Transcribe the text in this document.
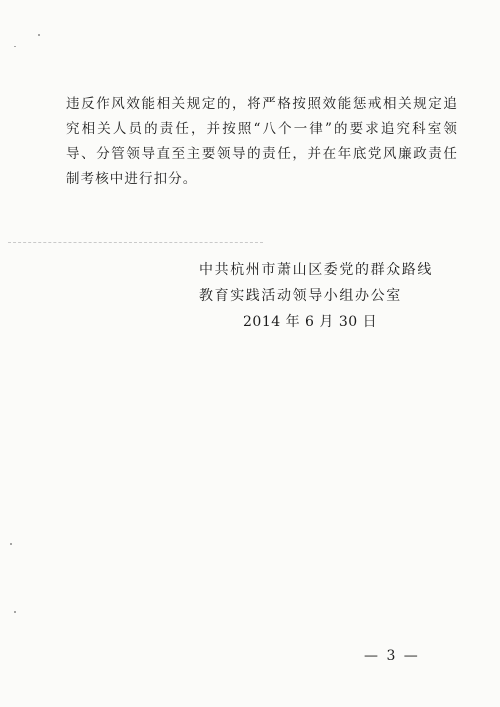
违反作风效能相关规定的，将严格按照效能惩戒相关规定追究相关人员的责任，并按照“八个一律”的要求追究科室领导、分管领导直至主要领导的责任，并在年底党风廉政责任制考核中进行扣分。

中共杭州市萧山区委党的群众路线
教育实践活动领导小组办公室
2014 年 6 月 30 日
— 3 —
